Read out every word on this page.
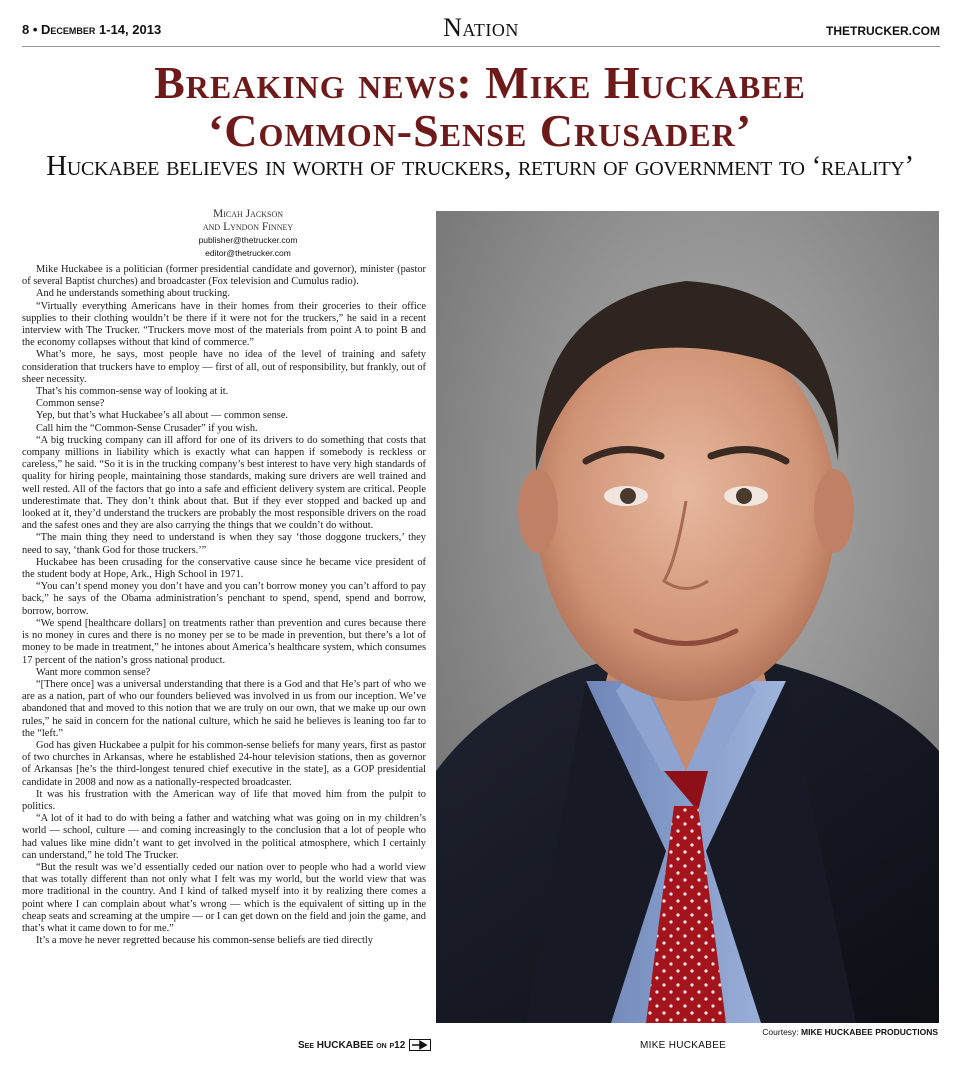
8 • December 1-14, 2013	Nation	THETRUCKER.COM
Breaking news: Mike Huckabee
‘Common-Sense Crusader’
Huckabee believes in worth of truckers, return of government to ‘reality’
Micah Jackson
and Lyndon Finney
publisher@thetrucker.com
editor@thetrucker.com

Mike Huckabee is a politician (former presidential candidate and governor), minister (pastor of several Baptist churches) and broadcaster (Fox television and Cumulus radio).

And he understands something about trucking.

“Virtually everything Americans have in their homes from their groceries to their office supplies to their clothing wouldn’t be there if it were not for the truckers,” he said in a recent interview with The Trucker. “Truckers move most of the materials from point A to point B and the economy collapses without that kind of commerce.”

What’s more, he says, most people have no idea of the level of training and safety consideration that truckers have to employ — first of all, out of responsibility, but frankly, out of sheer necessity.

That’s his common-sense way of looking at it.

Common sense?

Yep, but that’s what Huckabee’s all about — common sense.

Call him the “Common-Sense Crusader” if you wish.

“A big trucking company can ill afford for one of its drivers to do something that costs that company millions in liability which is exactly what can happen if somebody is reckless or careless,” he said. “So it is in the trucking company’s best interest to have very high standards of quality for hiring people, maintaining those standards, making sure drivers are well trained and well rested. All of the factors that go into a safe and efficient delivery system are critical. People underestimate that. They don’t think about that. But if they ever stopped and backed up and looked at it, they’d understand the truckers are probably the most responsible drivers on the road and the safest ones and they are also carrying the things that we couldn’t do without.

“The main thing they need to understand is when they say ‘those doggone truckers,’ they need to say, ‘thank God for those truckers.’”

Huckabee has been crusading for the conservative cause since he became vice president of the student body at Hope, Ark., High School in 1971.

“You can’t spend money you don’t have and you can’t borrow money you can’t afford to pay back,” he says of the Obama administration’s penchant to spend, spend, spend and borrow, borrow, borrow.

“We spend [healthcare dollars] on treatments rather than prevention and cures because there is no money in cures and there is no money per se to be made in prevention, but there’s a lot of money to be made in treatment,” he intones about America’s healthcare system, which consumes 17 percent of the nation’s gross national product.

Want more common sense?

“[There once] was a universal understanding that there is a God and that He’s part of who we are as a nation, part of who our founders believed was involved in us from our inception. We’ve abandoned that and moved to this notion that we are truly on our own, that we make up our own rules,” he said in concern for the national culture, which he said he believes is leaning too far to the “left.”

God has given Huckabee a pulpit for his common-sense beliefs for many years, first as pastor of two churches in Arkansas, where he established 24-hour television stations, then as governor of Arkansas [he’s the third-longest tenured chief executive in the state], as a GOP presidential candidate in 2008 and now as a nationally-respected broadcaster.

It was his frustration with the American way of life that moved him from the pulpit to politics.

“A lot of it had to do with being a father and watching what was going on in my children’s world — school, culture — and coming increasingly to the conclusion that a lot of people who had values like mine didn’t want to get involved in the political atmosphere, which I certainly can understand,” he told The Trucker.

“But the result was we’d essentially ceded our nation over to people who had a world view that was totally different than not only what I felt was my world, but the world view that was more traditional in the country. And I kind of talked myself into it by realizing there comes a point where I can complain about what’s wrong — which is the equivalent of sitting up in the cheap seats and screaming at the umpire — or I can get down on the field and join the game, and that’s what it came down to for me.”

It’s a move he never regretted because his common-sense beliefs are tied directly

See HUCKABEE on p12
Courtesy: MIKE HUCKABEE PRODUCTIONS
MIKE HUCKABEE
